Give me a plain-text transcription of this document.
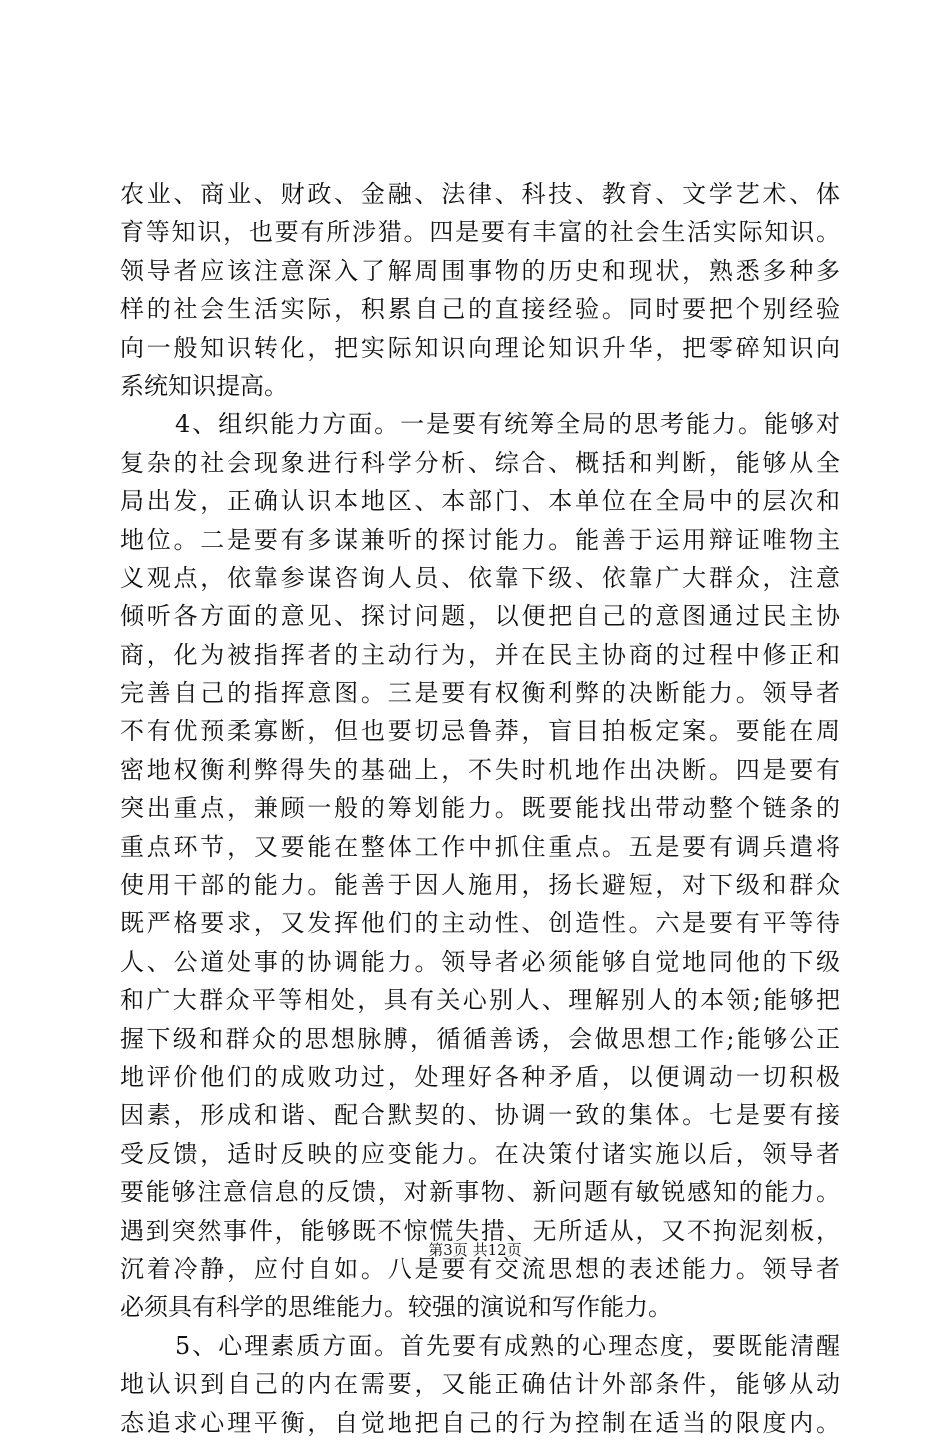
农业、商业、财政、金融、法律、科技、教育、文学艺术、体
育等知识，也要有所涉猎。四是要有丰富的社会生活实际知识。
领导者应该注意深入了解周围事物的历史和现状，熟悉多种多
样的社会生活实际，积累自己的直接经验。同时要把个别经验
向一般知识转化，把实际知识向理论知识升华，把零碎知识向
系统知识提高。
4、组织能力方面。一是要有统筹全局的思考能力。能够对
复杂的社会现象进行科学分析、综合、概括和判断，能够从全
局出发，正确认识本地区、本部门、本单位在全局中的层次和
地位。二是要有多谋兼听的探讨能力。能善于运用辩证唯物主
义观点，依靠参谋咨询人员、依靠下级、依靠广大群众，注意
倾听各方面的意见、探讨问题，以便把自己的意图通过民主协
商，化为被指挥者的主动行为，并在民主协商的过程中修正和
完善自己的指挥意图。三是要有权衡利弊的决断能力。领导者
不有优预柔寡断，但也要切忌鲁莽，盲目拍板定案。要能在周
密地权衡利弊得失的基础上，不失时机地作出决断。四是要有
突出重点，兼顾一般的筹划能力。既要能找出带动整个链条的
重点环节，又要能在整体工作中抓住重点。五是要有调兵遣将
使用干部的能力。能善于因人施用，扬长避短，对下级和群众
既严格要求，又发挥他们的主动性、创造性。六是要有平等待
人、公道处事的协调能力。领导者必须能够自觉地同他的下级
和广大群众平等相处，具有关心别人、理解别人的本领;能够把
握下级和群众的思想脉膊，循循善诱，会做思想工作;能够公正
地评价他们的成败功过，处理好各种矛盾，以便调动一切积极
因素，形成和谐、配合默契的、协调一致的集体。七是要有接
受反馈，适时反映的应变能力。在决策付诸实施以后，领导者
要能够注意信息的反馈，对新事物、新问题有敏锐感知的能力。
遇到突然事件，能够既不惊慌失措、无所适从，又不拘泥刻板，
沉着冷静，应付自如。八是要有交流思想的表述能力。领导者
必须具有科学的思维能力。较强的演说和写作能力。
5、心理素质方面。首先要有成熟的心理态度，要既能清醒
地认识到自己的内在需要，又能正确估计外部条件，能够从动
态追求心理平衡，自觉地把自己的行为控制在适当的限度内。
第3页 共12页
